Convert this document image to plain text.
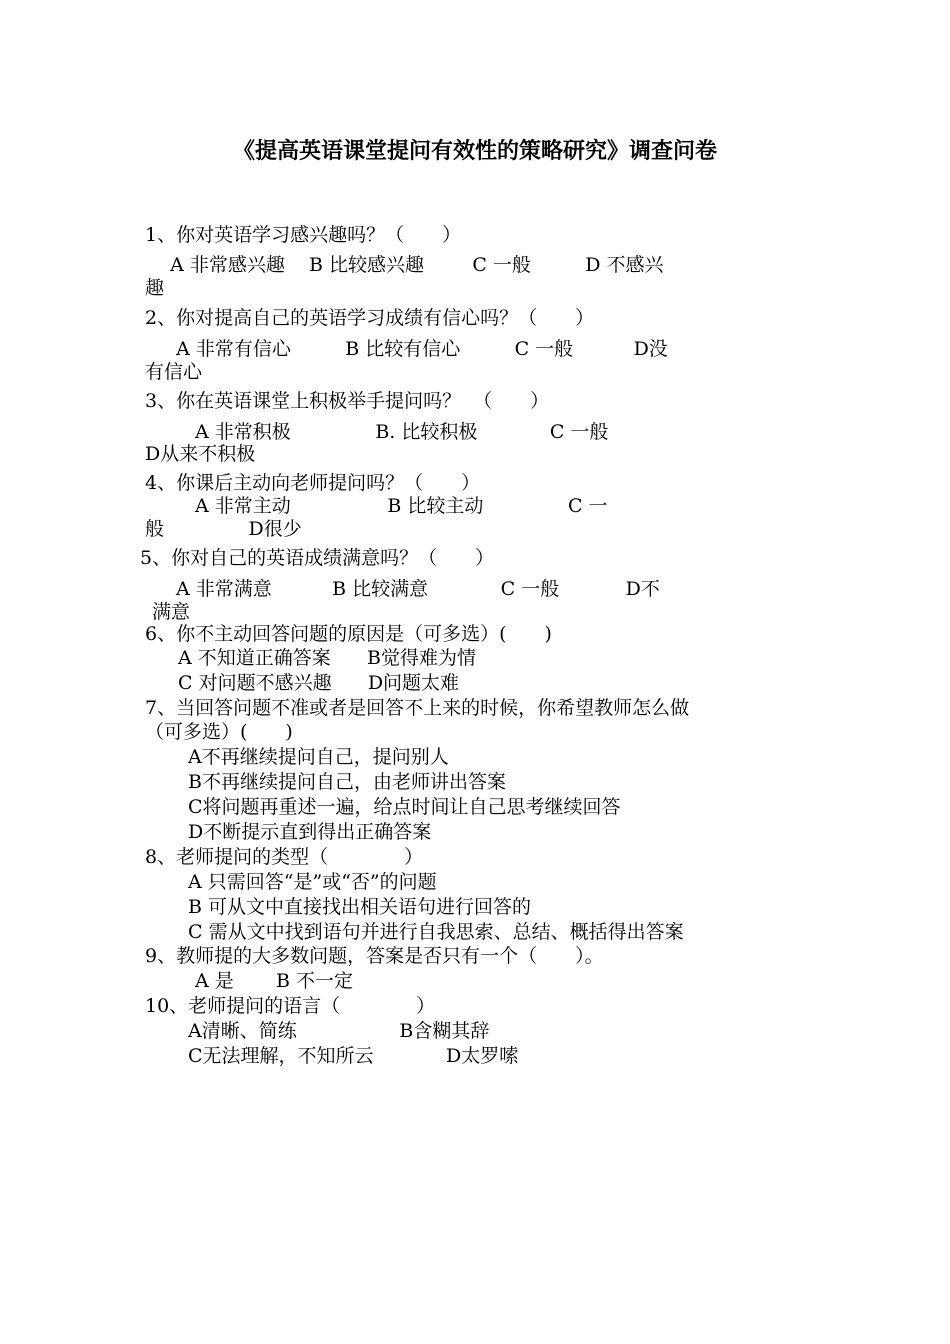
《提高英语课堂提问有效性的策略研究》调查问卷
1、你对英语学习感兴趣吗？（　　）
A 非常感兴趣    B 比较感兴趣        C 一般         D 不感兴
趣
2、你对提高自己的英语学习成绩有信心吗？（　　）
A 非常有信心         B 比较有信心         C 一般          D没
有信心
3、你在英语课堂上积极举手提问吗？  （　　）
A 非常积极              B. 比较积极            C 一般
D从来不积极
4、你课后主动向老师提问吗？（　　）
A 非常主动                B 比较主动              C 一
般              D很少
5、你对自己的英语成绩满意吗？（　　）
A 非常满意          B 比较满意            C 一般           D不
满意
6、你不主动回答问题的原因是（可多选）(　　)
A 不知道正确答案      B觉得难为情
C 对问题不感兴趣      D问题太难
7、当回答问题不准或者是回答不上来的时候，你希望教师怎么做
（可多选）(　　)
A不再继续提问自己，提问别人
B不再继续提问自己，由老师讲出答案
C将问题再重述一遍，给点时间让自己思考继续回答
D不断提示直到得出正确答案
8、老师提问的类型（　　　　）
A 只需回答“是”或“否”的问题
B 可从文中直接找出相关语句进行回答的
C 需从文中找到语句并进行自我思索、总结、概括得出答案
9、教师提的大多数问题，答案是否只有一个（　　）。
A 是       B 不一定
10、老师提问的语言（　　　　）
A清晰、简练                 B含糊其辞
C无法理解，不知所云            D太罗嗦
